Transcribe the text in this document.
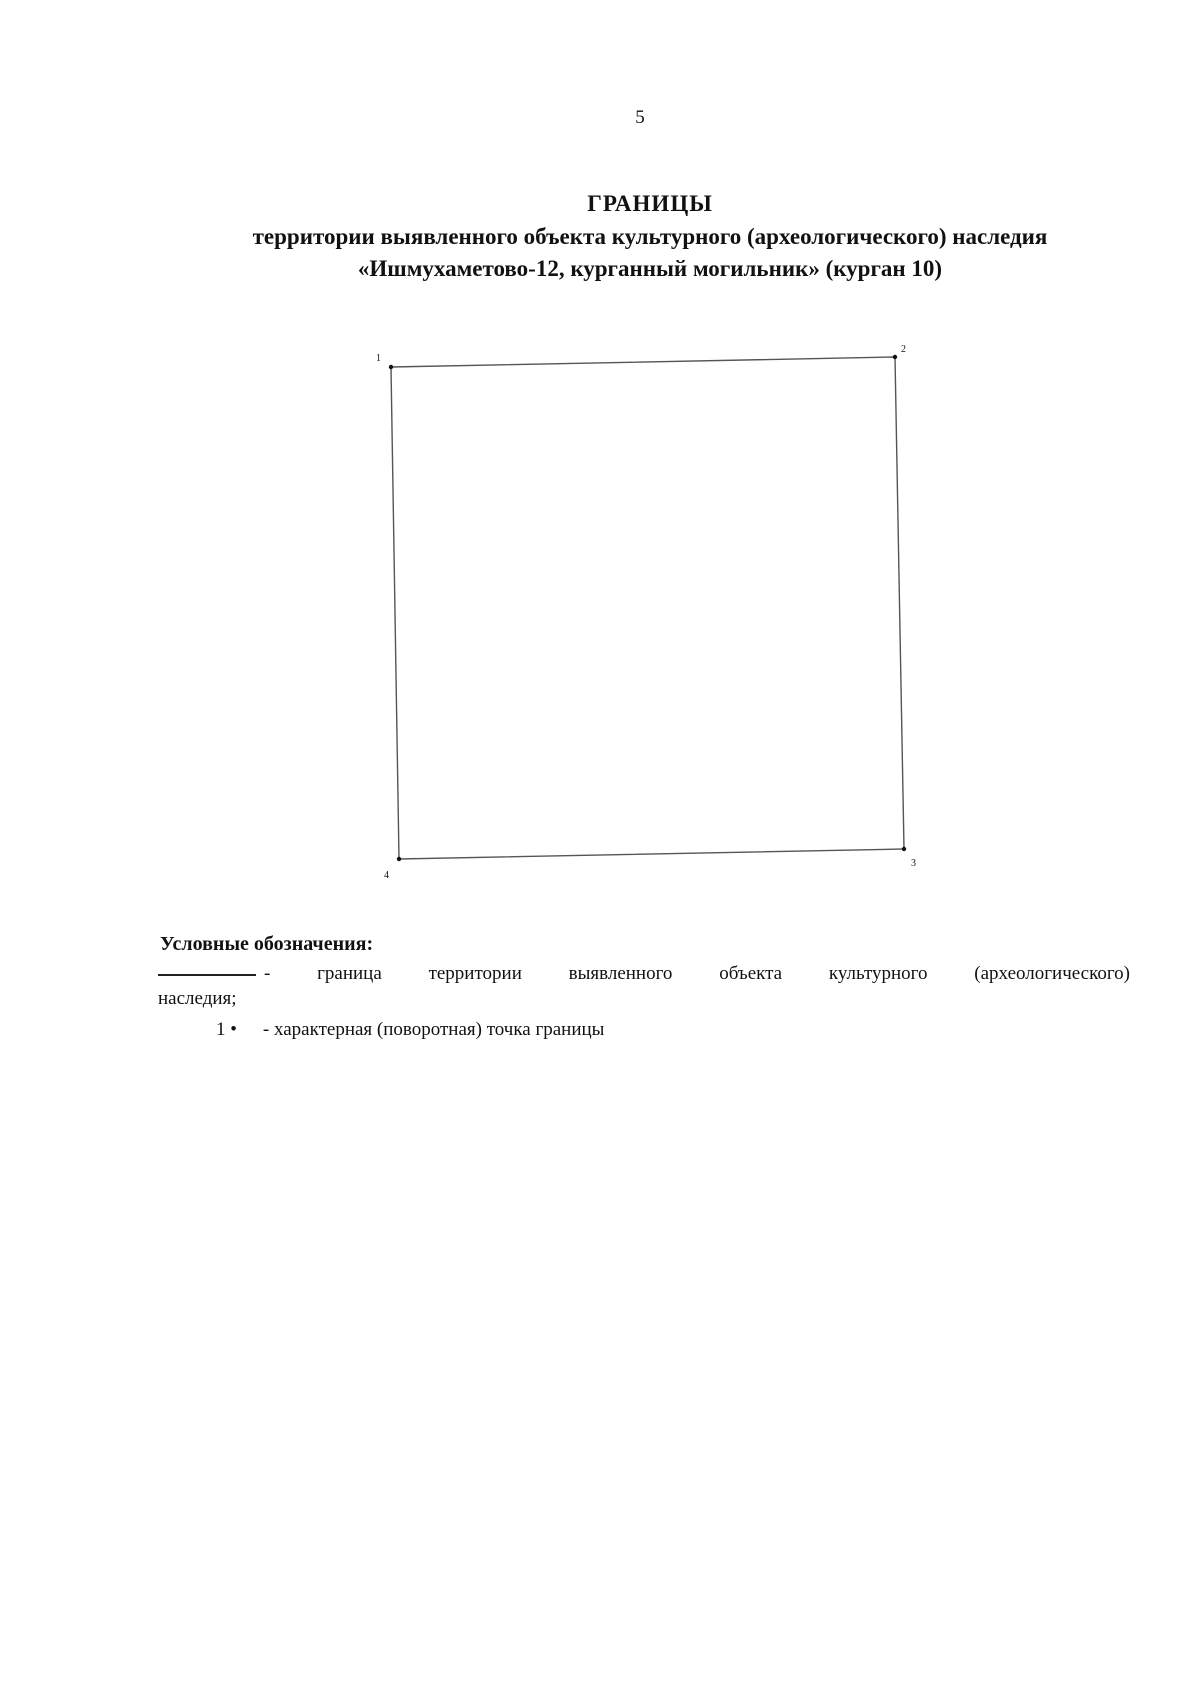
5
ГРАНИЦЫ
территории выявленного объекта культурного (археологического) наследия
«Ишмухаметово-12, курганный могильник» (курган 10)
1
2
3
4
Условные обозначения:
- граница территории выявленного объекта культурного (археологического)
наследия;
1 • - характерная (поворотная) точка границы
